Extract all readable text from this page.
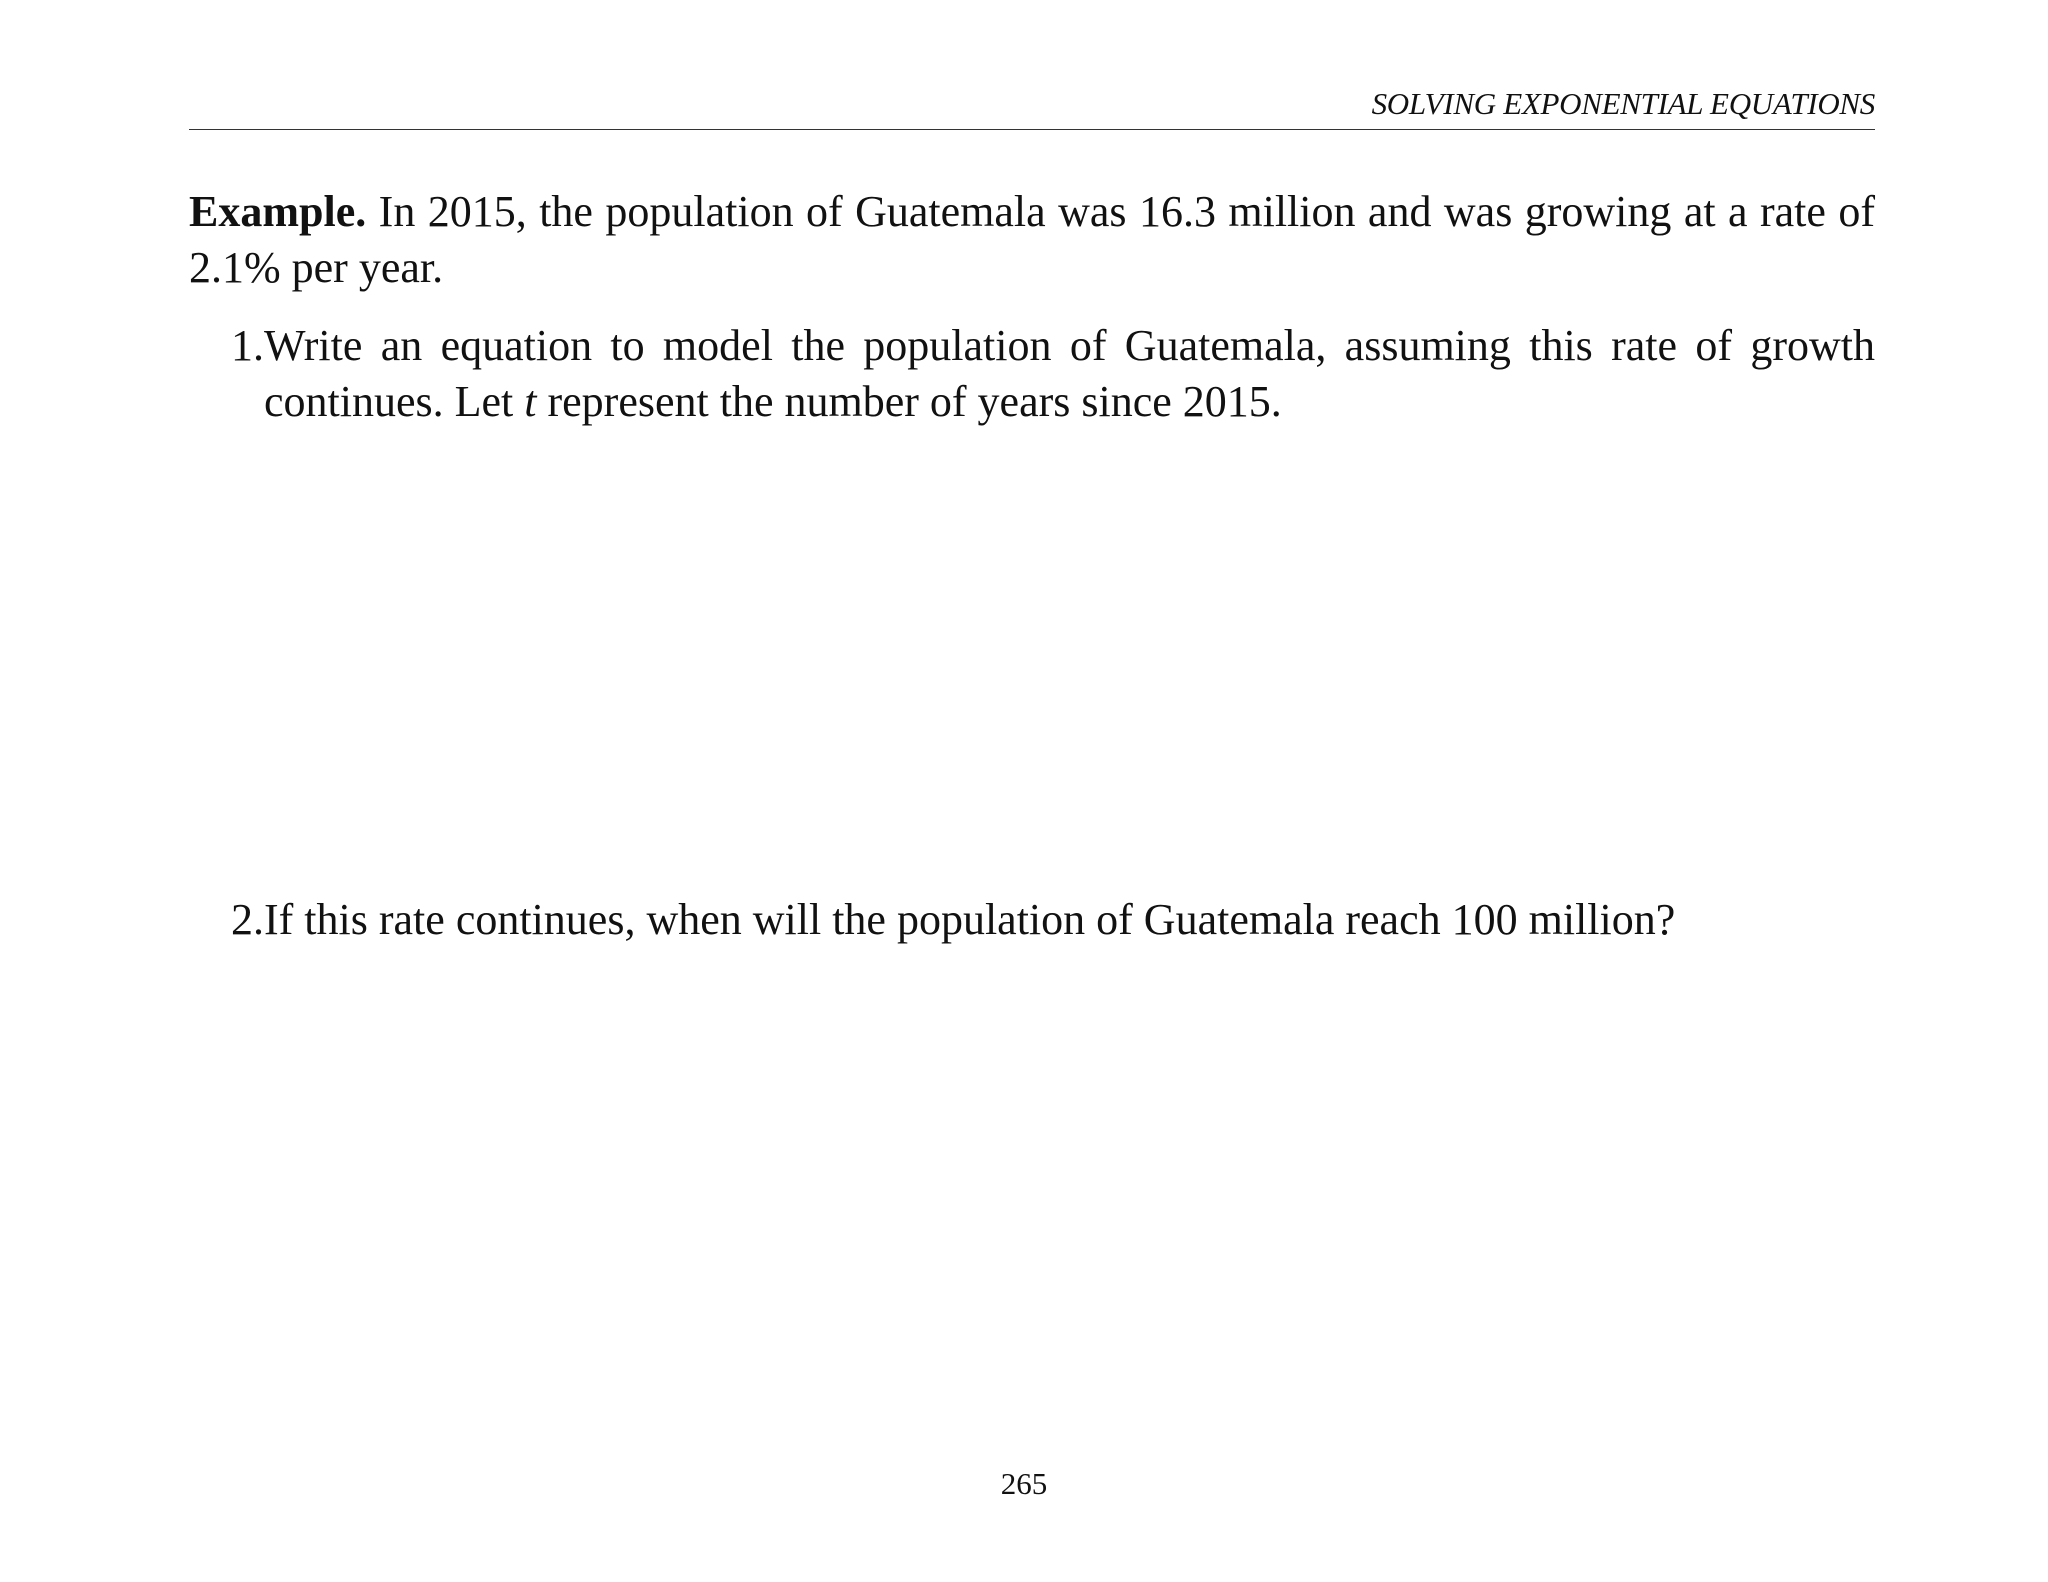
SOLVING EXPONENTIAL EQUATIONS

Example. In 2015, the population of Guatemala was 16.3 million and was growing at a rate of 2.1% per year.

1. Write an equation to model the population of Guatemala, assuming this rate of growth continues. Let t represent the number of years since 2015.
2. If this rate continues, when will the population of Guatemala reach 100 million?
265
